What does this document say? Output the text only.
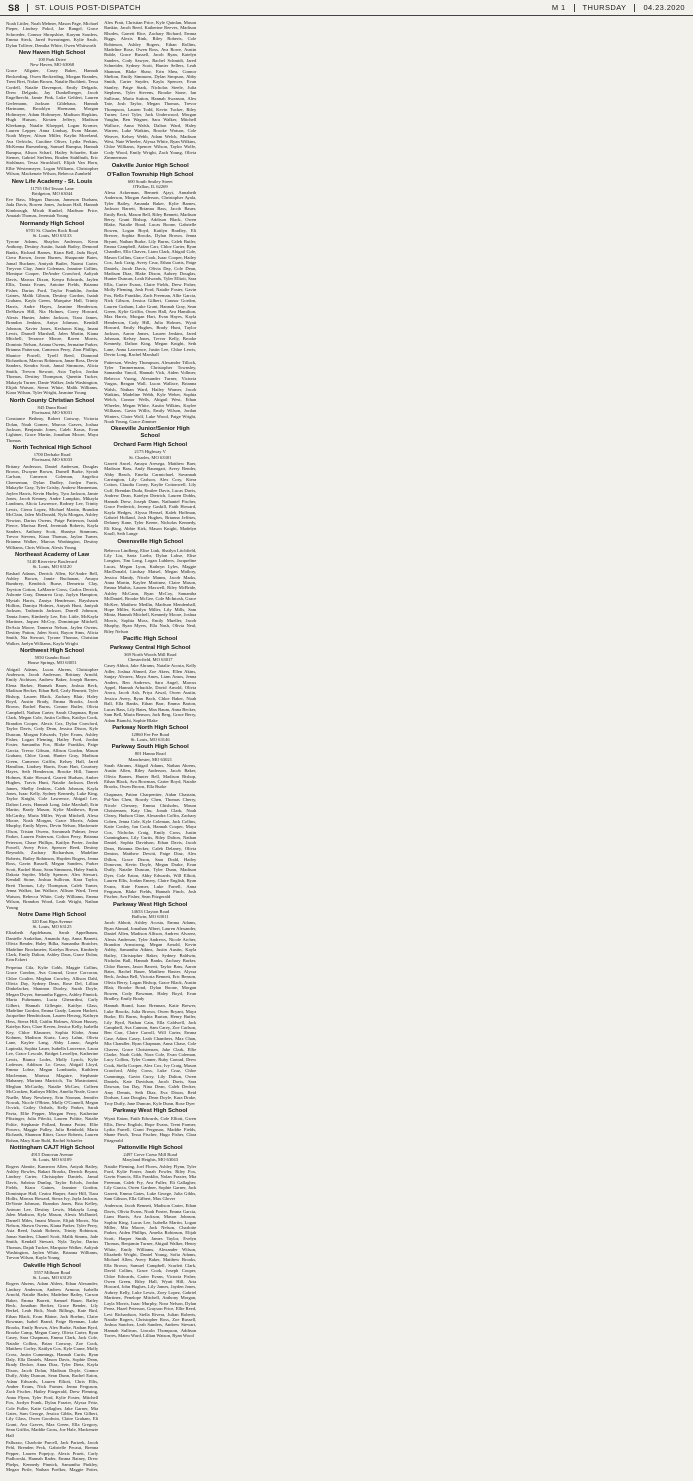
S8 ST. LOUIS POST-DISPATCH	M 1 THURSDAY 04.23.2020
Noah Littler, Noah Mehner, Mason Page, Michael Pieper, Lindsey Pokol, Jae Rangel, Grace Schroeder, Connor Shropshire, Karynn Souders, Emma Steck, Jared Swearingen, Kylie Szulc, Dylan Tolliver, Demika White, Owen Whitworth
New Haven High School
100 Park Drive
New Haven, MO 63068
Grace Allgaier, Casey Baker, Hannah Beckerding, Owen Beckerding, Morgan Brandes, Trent Brei, Nolan Brown, Natalie Buchheit, Tessa Cordell, Natalie Davenport, Emily Delgado, Drew Delgado, Jay Dunkelberger, Jacob Engelbrecht, Jamie Fink, Luke Gehlert, Lauren Gerlemann, Jackson Gildehaus, Hannah Hartmann, Brooklyn Hoemann, Morgan Holtmeyer, Adam Holtmeyer, Madison Hopkins, Hugh Hutson, Kirsten Jeffery, Madison Kleekamp, Natalie Kloeppel, Logan Kromer, Lauren Lepper, Anna Lindsay, Evan Maune, Noah Meyer, Alison Miller, Kaylin Moreland, Ava Oelrichs, Caroline Oliver, Lydia Perkins, McKenna Ruesenberg, Samuel Rumpsa, Hannah Rumpsa, Alison Scharf, Hailey Schaefer, Kate Siemer, Gabriel Steffens, Braden Stahlhuth, Eric Stohlman, Tessa Struckhoff, Elijah Van Horn, Ellie Westermeyer, Logan Williams, Christopher Wilson, Mackenzie Wilson, Rebecca Zumbehl
New Life Academy - St. Louis
11755 Old Tesson Lane
Bridgeton, MO 63044
Eve Bass, Megan Duncan, Jameson Durham, Jada Davis, Rowen Jones, Jackson Hall, Hannah Kimbrough, Micah Kunkel, Madison Price, Amaiah Thomas, Jeremiah Young
Normandy High School
6701 St. Charles Rock Road
St. Louis, MO 63133
Tyrone Adams, Shaylon Anderson, Keon Anthony, Destiny Austin, Isaiah Bailey, Demond Banks, Richard Barnes, Kiara Bell, Jada Boyd, Ciera Brown, Javon Burnes, Shaquonte Bates, Jamal Buckner, Amiyah Butler, Naomi Carter, Treyvon Clay, Jamir Coleman, Jasmine Collins, Monique Cooper, DeAndre Crawford, Aaliyah Davis, Marcus Dixon, Kenya Edwards, Jaylen Ellis, Tamia Evans, Antoine Fields, Brianna Fisher, Darius Ford, Taylor Franklin, Jordan Gaines, Malik Gibson, Destiny Gordon, Isaiah Graham, Kayla Green, Marquise Hall, Trinity Harris, Andre Hayes, Jasmine Henderson, DeShawn Hill, Nia Holmes, Corey Howard, Alexis Hunter, Jaden Jackson, Tiara James, Brandon Jenkins, Aniya Johnson, Kendall Johnson, Xavier Jones, Keshawn King, Imani Lewis, Darnell Marshall, Jalen Martin, Kiana Mitchell, Terrance Moore, Raven Morris, Dominic Nelson, Ariana Owens, Jermaine Parker, Brianna Patterson, Cameron Perry, Zion Phillips, Shanice Powell, Tyrell Reed, Diamond Richardson, Marcus Robinson, Janae Ross, Devin Sanders, Kendra Scott, Jamal Simmons, Alicia Smith, Trevon Stewart, Asia Taylor, Jordan Thomas, Destiny Thompson, Quentin Tucker, Makayla Turner, Dante Walker, Jada Washington, Elijah Watson, Sierra White, Malik Williams, Kiara Wilson, Tyler Wright, Jasmine Young
North County Christian School
845 Dunn Road
Florissant, MO 63031
Constance Bethmy, Robert Conway, Victoria Dolan, Noah Gomez, Marcus Graves, Joshua Jackson, Benjamin Jones, Caleb Kraus, Evan Lightner, Grace Martin, Jonathan Moore, Maya Thomas
North Technical High School
1700 Derhake Road
Florissant, MO 63033
Britany Anderson, Daniel Anderson, Douglas Brown, Dwayne Brown, Darnell Burke, Syriah Carlson, Cameron Coleman, Angelica Cheeseman, Dylan Dudley, Jordyn Farris, Makaylie Gray, Tyler Grisby, Andrew Hanneman, Jaylen Harris, Kevin Hurley, Tyra Jackson, Jamie Jones, Jacob Kenney, Andre Lampkin, Mikayla Landrum, Alicia Lawrence, Rodney Lee, Trinity Lewis, Cierra Lopez, Michael Martin, Brandon McClain, Jalen McDonald, Nyla Morgan, Ashley Newton, Darius Owens, Paige Patterson, Isaiah Pierce, Marissa Reed, Jeremiah Roberts, Kayla Sanders, Anthony Scott, Shaniya Simmons, Trevor Stevens, Kiara Thomas, Jaylon Turner, Brianna Walker, Marcus Washington, Destiny Williams, Chris Wilson, Alexis Young
Northeast Academy of Law
5140 Riverview Boulevard
St. Louis, MO 63120
Rashad Adams, Derrick Allen, Ke'Andre Bell, Ashley Brown, Jamie Buchanan, Amaya Bumbrey, Kendrick Burse, Demetria Clay, Tayvion Cotton, LaMarrie Cross, Carlos Derrick, Ashonte Gray, Damarea Gray, Jaylyn Hampton, Myriah Harris, Zaniya Henderson, Rayshawn Hollins, Damiya Holmes, Aniyah Hunt, Janiyah Jackson, Tashonda Jackson, Darrell Johnson, Tamia Jones, Kimberly Lee, Eric Little, McKayla Martinez, Jaquez McCoy, Dominique Mitchell, DeAsia Moore, Tamerra Nelson, Jaylen Owens, Destiny Patton, Jalen Scott, Rayon Sims, Alicia Smith, Nia Stewart, Tyrone Thomas, Christian Walker, Jaelyn Williams, Kayla Wright
Northwest High School
5050 Gumbo Road
House Springs, MO 63051
Abigail Adams, Lucas Ahrens, Christopher Anderson, Jacob Anderson, Brittany Arnold, Emily Atchison, Andrew Baker, Joseph Barnes, Elena Barker, Hannah Bauer, Joshua Beck, Madison Becker, Ethan Bell, Carly Bennett, Tyler Bishop, Lauren Black, Zachary Blair, Haley Boyd, Austin Brady, Emma Brooks, Jacob Brown, Rachel Burns, Connor Butler, Olivia Campbell, Nathan Carter, Sarah Chapman, Ryan Clark, Megan Cole, Justin Collins, Kaitlyn Cook, Brandon Cooper, Alexis Cox, Dylan Crawford, Taylor Davis, Cody Dean, Jessica Dixon, Kyle Duncan, Morgan Edwards, Tyler Evans, Ashley Fisher, Logan Fleming, Hailey Ford, Jordan Foster, Samantha Fox, Blake Franklin, Paige Garcia, Trevor Gibson, Allison Gordon, Mason Graham, Chloe Grant, Hunter Gray, Madison Green, Cameron Griffin, Kelsey Hall, Jared Hamilton, Lindsey Harris, Evan Hart, Courtney Hayes, Seth Henderson, Brooke Hill, Tanner Holmes, Katie Howard, Garrett Hudson, Amber Hughes, Travis Hunt, Natalie Jackson, Derek James, Shelby Jenkins, Caleb Johnson, Kayla Jones, Isaac Kelly, Sydney Kennedy, Luke King, Taylor Knight, Cole Lawrence, Abigail Lee, Dalton Lewis, Hannah Long, Jake Marshall, Erin Martin, Brady Mason, Kylie Matthews, Ryan McCarthy, Maria Miller, Wyatt Mitchell, Alexa Moore, Noah Morgan, Grace Morris, Adam Murphy, Emily Myers, Devin Nelson, Mackenzie Olson, Tristan Owens, Savannah Palmer, Jesse Parker, Lauren Patterson, Colton Perry, Brianna Peterson, Chase Phillips, Kaitlyn Porter, Jordan Powell, Avery Price, Spencer Reed, Destiny Reynolds, Zachary Richardson, Madeline Roberts, Bailey Robinson, Hayden Rogers, Jenna Ross, Gavin Russell, Megan Sanders, Parker Scott, Rachel Shaw, Sean Simmons, Haley Smith, Dakota Snyder, Molly Spencer, Alex Stewart, Kendall Stone, Joshua Sullivan, Kara Taylor, Brett Thomas, Lily Thompson, Caleb Turner, Jenna Walker, Ian Wallace, Allison Ward, Trent Watson, Rebecca White, Cody Williams, Emma Wilson, Brandon Wood, Leah Wright, Nathan Young
Notre Dame High School
320 East Ripa Avenue
St. Louis, MO 63125
Elizabeth Applebaum, Sarah Appelbaum, Danielle Arakelian, Amanda Arp, Anna Barnett, Olivia Bender, Haley Bilka, Samantha Bratcher, Madeline Brockmeier, Katelyn Brown, Kimberly Clark, Emily Dalton, Ashley Daus, Grace Dolan, Erin Eckert
Perpetua Cila, Kylie Cobb, Maggie Collins, Grace Condon, Ava Conrad, Grace Corcoran, Chloe Coulter, Meghan Crowley, Allison Dahl, Olivia Day, Sydney Dean, Rose Del, Lillian Dinkelacker, Shannon Dooley, Sarah Doyle, Megan Dwyer, Samantha Eggers, Ashley Finnick, Maria Fuhrmann, Lucia Gherardini, Carly Gilbert, Hannah Gillespie, Kaitlyn Glass, Madeline Gordon, Emma Grady, Lauren Hackett, Jacqueline Hendrickson, Lauren Herzog, Kathryn Hess, Sierra Hill, Caitlin Holmes, Alison Hussey, Katelyn Kerr, Clare Keven, Jessica Kelly, Isabella Key, Chloe Klausner, Sophia Klobe, Anna Kohnen, Madison Kurtz, Lucy Lahm, Olivia Lane, Kaylee Lang, Abby Lanzo, Angela Lapinski, Sophia Lauer, Isabella Lawrence, Laura Lee, Grace Lescale, Bridget Lewellyn, Katherine Lewis, Bianca Lodes, Molly Lynch, Kylie Lodesser, Addison Lo Gesso, Abigail Lloyd, Emma Lohse, Megan Lombardo, Kathleen Maclennan, Marissa Maguire, Stephanie Mahaney, Mariana Maricich, Tia Mastroianni, Meghan McCarthy, Natalie McCaw, Colleen McCracken, Kathryn Miller, Amelia Neale, Grace Nuelle, Mary Newberry, Erin Noonan, Jennifer Nowak, Nicole O'Brien, Molly O'Connell, Megan Ocvirk, Cailey Ortbals, Kelly Parker, Sarah Pavia, Ellie Pepper, Morgan Perry, Katherine Pfitzinger, Julia Pilecki, Lauren Politte, Natalie Polite, Stephanie Pollard, Emma Potter, Ellie Powers, Maggie Pulley, Julia Reinhold, Maria Richards, Shannon Ritter, Grace Roberts, Lauren Rohan, Mary Kate Ruhl, Rachel Schaefer
Nottingham CAJT High School
4915 Donovan Avenue
St. Louis, MO 63109
Rogers Ahmite, Kameron Allen, Aniyah Bailey, Ashley Bowles, Bakari Brooks, Derrick Bryant, Lindsey Carter, Christopher Daniels, Jamal Davis, Sabrina Dunlap, Taylor Echols, Jordan Fields, Kiara Gaines, Jasmine Gordon, Dominique Hall, Ceaira Harper, Amir Hill, Tiara Hollis, Marcus Howard, Sierra Ivy, Jayla Jackson, DeVonte Johnson, Brandon Jones, Bria Kelley, Antwan Lee, Destiny Lewis, Makayla Long, Jalen Madison, Kyla Mason, Alexis McDaniel, Darnell Miles, Imani Moore, Elijah Morris, Nia Nelson, Shawn Owens, Kiana Parker, Tyler Perry, Asia Reed, Isaiah Roberts, Trinity Robinson, Jamar Sanders, Chanel Scott, Malik Simms, Jade Smith, Kendall Stewart, Nyla Taylor, Darius Thomas, Dajah Tucker, Marquise Walker, Aaliyah Washington, Jaylen White, Brianna Williams, Trevon Wilson, Kayla Young
Oakville High School
5557 Milburn Road
St. Louis, MO 63129
Rogers Ahrens, Adam Ahlers, Ethan Alexander, Lindsey Anderson, Andrew Armour, Isabella Arnold, Natalie Bader, Madeline Bailey, Carson Baker, Emma Barrett, Samuel Bauer, Bailey Beck, Jonathan Becker, Grace Bender, Lily Berkel, Leah Bick, Noah Billings, Kate Bird, Ethan Black, Evan Blaine, Jack Boehm, Claire Bowman, Isabel Brand, Paige Brennan, Luke Brooks, Emily Brown, Alex Burke, Nathan Byrd, Brooke Camp, Megan Carey, Olivia Carter, Ryan Casey, Sara Chapman, Emma Clark, Jack Cole, Natalie Collins, Brian Conway, Zoe Cook, Matthew Corley, Kaitlyn Cox, Kyle Crane, Molly Cross, Justin Cummings, Hannah Curtis, Ryan Daly, Ella Daniels, Mason Davis, Sophie Dean, Brady Decker, Anna Diaz, Tyler Dietz, Kayla Dixon, Jacob Dolan, Madison Doyle, Connor Duffy, Abby Duncan, Sean Dunn, Rachel Eaton, Adam Edwards, Lauren Elliott, Chris Ellis, Amber Evans, Nick Farmer, Jenna Ferguson, Zach Fischer, Hailey Fitzgerald, Drew Fleming, Anna Flynn, Tyler Ford, Kylie Foster, Mitchell Fox, Jordyn Frank, Dylan Frazier, Alyssa Fritz, Cole Fuller, Katie Gallagher, Jake Garner, Mia Gates, Sam George, Jessica Gibbs, Ben Gilbert, Lily Glass, Owen Goodwin, Claire Graham, Eli Grant, Ava Graves, Max Green, Ella Gregory, Sean Griffin, Maddie Gross, Joe Hale, Mackenzie Hall
Palluzzo, Charlotte Parcell, Jack Parizek, Jacob Pehl, Brenden Peck, Gabrielle Pecaut, Brenna Pepper, Lauren Popejoy, Alexis Pruett, Carly Pudlowski, Hannah Rader, Emma Rainey, Drew Phelps, Kennedy Pinnick, Samantha Pinkley, Megan Pirtle, Nathan Poelker, Maggie Potter, Alex Pratt, Christian Price, Kyle Quinlan, Mason Rankin, Jacob Reed, Katherine Reeves, Madison Rhodes, Garrett Rice, Zachary Richard, Emma Riggs, Alexis Rink, Riley Roberts, Cole Robinson, Ashley Rogers, Ethan Rollins, Madeline Rose, Owen Ross, Ava Rowe, Austin Ruble, Grace Russell, Jacob Ryan, Katelyn Sanders, Cody Sawyer, Rachel Schmidt, Jared Schneider, Sydney Scott, Hunter Sellers, Leah Shannon, Blake Shaw, Erin Shea, Connor Shelton, Emily Simmons, Dylan Simpson, Abby Smith, Carter Snyder, Kayla Spencer, Evan Stanley, Paige Stark, Nicholas Steele, Julia Stephens, Tyler Stevens, Brooke Stone, Ian Sullivan, Maria Sutton, Hannah Swanson, Alex Tate, Josh Taylor, Megan Thomas, Trevor Thompson, Lauren Todd, Kevin Tucker, Riley Turner, Lexi Tyler, Jack Underwood, Morgan Vaughn, Ben Wagner, Sara Walker, Mitchell Wallace, Anna Walsh, Dalton Ward, Haley Warren, Luke Watkins, Brooke Watson, Cole Weaver, Kelsey Webb, Adam Welch, Madison West, Nate Wheeler, Alyssa White, Ryan Wilkins, Chloe Williams, Spencer Wilson, Taylor Wolfe, Cody Wood, Emily Wright, Zach Young, Olivia Zimmerman
Oakville Junior High School
O'Fallon Township High School
600 South Smiley Street
O'Fallon, IL 62269
Alexa Ackerman, Bennett Ajayi, Annabeth Anderson, Morgan Anderson, Christopher Ayala, Tyler Bailey, Amanda Baker, Kylie Barnes, Jackson Barrett, Brianna Bass, Jacob Bauer, Emily Beck, Mason Bell, Riley Bennett, Madison Berry, Grant Bishop, Addison Black, Owen Blake, Natalie Bond, Lucas Boone, Gabrielle Bowen, Logan Boyd, Kaitlyn Bradley, Eli Brewer, Sophia Brooks, Dylan Brown, Jenna Bryant, Nathan Burke, Lily Burns, Caleb Butler, Emma Campbell, Aidan Carr, Chloe Carter, Ryan Chandler, Ella Chavez, Liam Clark, Abigail Cole, Mason Collins, Grace Cook, Isaac Cooper, Hailey Cox, Jack Craig, Avery Cruz, Ethan Curtis, Paige Daniels, Jacob Davis, Olivia Day, Cole Dean, Madison Diaz, Blake Dixon, Aubrey Douglas, Hunter Duncan, Leah Edwards, Tyler Elliott, Sara Ellis, Carter Evans, Claire Fields, Drew Fisher, Molly Fleming, Josh Ford, Natalie Foster, Gavin Fox, Bella Franklin, Zach Freeman, Allie Garcia, Nick Gibson, Jessica Gilbert, Connor Gordon, Lauren Graham, Luke Grant, Hannah Gray, Sean Green, Kylie Griffin, Owen Hall, Ava Hamilton, Max Harris, Morgan Hart, Evan Hayes, Kayla Henderson, Cody Hill, Julia Holmes, Wyatt Howard, Emily Hughes, Brady Hunt, Taylor Jackson, Aaron James, Lauren Jenkins, Jared Johnson, Kelsey Jones, Trevor Kelly, Brooke Kennedy, Dalton King, Megan Knight, Seth Lane, Anna Lawrence, Justin Lee, Chloe Lewis, Devin Long, Rachel Marshall
Patterson, Wesley Thompson, Alexander Tillock, Tyler Timmermann, Christopher Townsley, Samantha Vancil, Hannah Vick, Aiden Vollmer, Rebecca Vuong, Alexander Turner, Victoria Vargas, Reagan Wall, Lucas Wallace, Brianna Walsh, Nathan Ward, Hailey Warner, Jacob Watkins, Madeline Webb, Kyle Weber, Sophia Welch, Connor Wells, Abigail West, Ethan Wheeler, Megan White, Austin Wilkins, Kaylee Williams, Gavin Willis, Emily Wilson, Jordan Winters, Claire Wolf, Luke Wood, Paige Wright, Noah Young, Grace Zimmer
Okeeville Junior/Senior High School
Orchard Farm High School
2175 Highway V
St. Charles, MO 63301
Garrett Ancel, Amaya Aresega, Matthew Baer, Madison Bass, Andy Baumgart, Avery Bender, Abby Beach, Emelia Carmichael, Savannah Carrington, Lily Carlson, Alex Cory, Kiera Cotton, Claudia Coney, Kaylie Cottonwell, Lily Cuff, Brendan Duda, Emilee Davis, Lucas Davis, Andrew Dean, Katelyn Dietrich, Lauren Dobbs, Hannah Drew, Joseph Dunn, Nathaniel Fischer, Grace Frederick, Jeremy Gaskill, Faith Howard, Kayla Hedges, Alyssa Hensel, Kaleb Hoffman, Gabriel Holland, Josh Hughes, Brianna Jeffries, Delaney Kane, Tyler Keene, Nicholas Kennedy, Eli King, Abbie Kirk, Mason Knight, Madelyn Knoll, Seth Lange
Owensville High School
Rebecca Lindberg, Elise Link, Shailyn Litchfield, Lily Liu, Saria Loehr, Dylan Lohse, Elise Longton, Tim Long, Logan Lubbers, Jacqueline Lucas, Megan Lyon, Kathryn Lyles, Maggie MacDonald, Lindsay Maisel, Megan Mallory, Jessica Mandy, Nicole Manns, Jacob Marks, Anna Martin, Kaylee Martinez, Claire Mason, Emma Mathis, Lauren Maxwell, Riley McBride, Ashley McCann, Ryan McCoy, Samantha McDaniel, Brooke McGee, Cole McIntosh, Grace McKee, Matthew Medlin, Madison Mendenhall, Hope Miller, Kaitlyn Miller, Lily Mills, Sam Mintz, Hannah Mitchell, Kennedy Moore, Joshua Morris, Sophia Moss, Emily Mueller, Jacob Murphy, Ryan Myers, Ella Nash, Olivia Neal, Riley Nelson
Pacific High School
Parkway Central High School
369 North Woods Mill Road
Chesterfield, MO 63017
Casey Abbot, Jake Abrams, Natalie Acosta, Kelly Adler, Joshua Ahmed, Zoe Akers, Ellen Akins, Sanjay Alvarez, Maya Ames, Liam Amos, Jenna Anders, Ben Andrews, Sara Angel, Marcus Appel, Hannah Arbuckle, David Arnold, Olivia Arora, Jacob Ash, Priya Atwal, Owen Austin, Jessica Avery, Ryan Bach, Chloe Baker, Noah Ball, Ella Banks, Ethan Barr, Emma Barton, Lucas Bass, Lily Bates, Max Baum, Anna Becker, Sam Bell, Maria Benson, Jack Berg, Grace Berry, Adam Bianchi, Sophie Blake
Parkway North High School
12860 Fee Fee Road
St. Louis, MO 63146
Parkway South High School
801 Hanna Road
Manchester, MO 63021
Sarah Abrams, Abigail Adams, Nathan Ahrens, Austin Allen, Riley Anderson, Jacob Baker, Olivia Barnes, Hunter Bell, Madison Bishop, Ethan Black, Ava Bowman, Carter Boyd, Natalie Brooks, Owen Brown, Ella Burke
Chapman, Patton Charpentier, Aidan Chastain, Pal-Yan Chen, Rowdy Chen, Thomas Cherry, Nicole Chesney, Emma Chisholm, Mason Christensen, Katy Chu, Jonah Clark, Noah Cleary, Hudson Cline, Alexandra Coffin, Zachary Cohen, Jenna Cole, Kyle Coleman, Jack Collins, Katie Conley, Ian Cook, Hannah Cooper, Maya Cox, Nicholas Craig, Emily Cross, Justin Cunningham, Lily Curtis, Riley Dalton, Nathan Daniel, Sophia Davidson, Ethan Davis, Jacob Dean, Brianna Decker, Caleb Delaney, Olivia Denton, Matthew Dewitt, Paige Diaz, Alex Dillon, Grace Dixon, Sam Dodd, Hailey Donovan, Kevin Doyle, Megan Drake, Evan Duffy, Natalie Duncan, Tyler Dunn, Madison Dyer, Cole Eaton, Abby Edwards, Will Elliott, Lauren Ellis, Jordan Emery, Claire English, Ryan Evans, Kate Farmer, Luke Farrell, Anna Ferguson, Blake Fields, Hannah Finch, Josh Fischer, Ava Fisher, Sean Fitzgerald
Parkway West High School
14653 Clayton Road
Ballwin, MO 63011
Jacob Abbott, Ashley Acosta, Emma Adams, Ryan Ahmad, Jonathan Albert, Lauren Alexander, Daniel Allen, Madison Allison, Andrew Alvarez, Alexis Anderson, Tyler Andrews, Nicole Archer, Brandon Armstrong, Megan Arnold, Kevin Ashby, Samantha Atkins, Justin Austin, Kayla Bailey, Christopher Baker, Sydney Baldwin, Nicholas Ball, Hannah Banks, Zachary Barker, Chloe Barnes, Jason Barrett, Taylor Bass, Aaron Bates, Rachel Bauer, Matthew Baxter, Alyssa Beck, Joshua Bell, Victoria Bennett, Eric Benson, Olivia Berry, Logan Bishop, Grace Black, Austin Blair, Brooke Bond, Dylan Boone, Morgan Bowen, Cody Bowman, Haley Boyd, Evan Bradley, Emily Brady
Hannah Brand, Isaac Brennan, Katie Brewer, Luke Brooks, Julia Brown, Owen Bryant, Maya Burke, Eli Burns, Sophia Burton, Henry Butler, Lily Byrd, Nathan Cain, Ella Caldwell, Jack Campbell, Ava Cannon, Sam Carey, Zoe Carlson, Ben Carr, Claire Carroll, Will Carter, Emma Case, Adam Casey, Leah Chambers, Max Chan, Mia Chandler, Ryan Chapman, Anna Chase, Cole Chavez, Grace Christensen, Jake Clark, Ellie Clarke, Noah Cobb, Nora Cole, Evan Coleman, Lucy Collins, Tyler Conner, Ruby Conrad, Drew Cook, Stella Cooper, Alex Cox, Ivy Craig, Mason Crawford, Abby Cross, Luke Cruz, Chloe Cummings, Gavin Curry, Lily Dalton, Owen Daniels, Kate Davidson, Jacob Davis, Sara Dawson, Ian Day, Nina Dean, Caleb Decker, Amy Dennis, Seth Diaz, Eva Dixon, Reid Dodson, Lara Douglas, Dean Doyle, Kara Drake, Troy Duffy, Jane Duncan, Kyle Dunn, Rose Dyer
Parkway West High School
Wyatt Eaton, Faith Edwards, Cole Elliott, Gwen Ellis, Drew English, Hope Evans, Trent Farmer, Lydia Farrell, Grant Ferguson, Maddie Fields, Shane Finch, Tessa Fischer, Hugo Fisher, Clara Fitzgerald
Pattonville High School
2497 Creve Coeur Mill Road
Maryland Heights, MO 63043
Natalie Fleming, Joel Flores, Ashley Flynn, Tyler Ford, Kylie Foster, Jonah Fowler, Riley Fox, Gavin Francis, Ella Franklin, Nolan Frazier, Mia Freeman, Caleb Fry, Ava Fuller, Eli Gallagher, Lily Garcia, Owen Gardner, Sophie Garner, Jack Garrett, Emma Gates, Luke George, Julia Gibbs, Sam Gibson, Ella Gilbert, Max Glover
Anderson, Jacob Bennett, Madison Carter, Ethan Davis, Olivia Evans, Noah Foster, Emma Garcia, Liam Harris, Ava Jackson, Mason Johnson, Sophia King, Lucas Lee, Isabella Martin, Logan Miller, Mia Moore, Jack Nelson, Charlotte Parker, Aiden Phillips, Amelia Robinson, Elijah Scott, Harper Smith, James Taylor, Evelyn Thomas, Benjamin Turner, Abigail Walker, Henry White, Emily Williams, Alexander Wilson, Elizabeth Wright, Daniel Young, Sofia Adams, Michael Allen, Avery Baker, Matthew Brooks, Ella Brown, Samuel Campbell, Scarlett Clark, David Collins, Grace Cook, Joseph Cooper, Chloe Edwards, Carter Evans, Victoria Fisher, Owen Green, Riley Hall, Wyatt Hill, Aria Howard, John Hughes, Lily James, Jayden Jones, Aubrey Kelly, Luke Lewis, Zoey Lopez, Gabriel Martinez, Penelope Mitchell, Anthony Morgan, Layla Morris, Isaac Murphy, Nora Nelson, Dylan Perez, Hazel Peterson, Grayson Price, Ellie Reed, Levi Richardson, Stella Rivera, Julian Roberts, Natalie Rogers, Christopher Ross, Zoe Russell, Joshua Sanchez, Leah Sanders, Andrew Stewart, Hannah Sullivan, Lincoln Thompson, Addison Torres, Mateo Ward, Lillian Watson, Ryan Wood
